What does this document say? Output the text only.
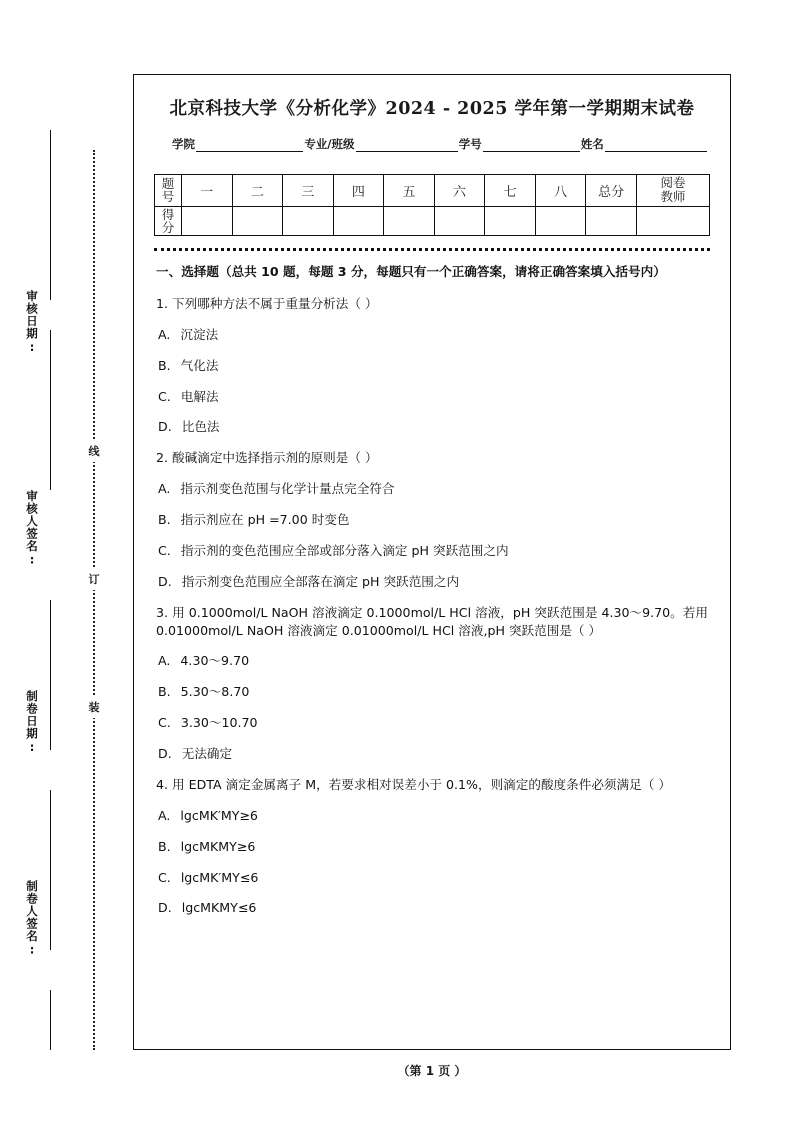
审核日期:
审核人签名:
制卷日期:
制卷人签名:
线
订
装
北京科技大学《分析化学》2024 - 2025 学年第一学期期末试卷
学院	专业/班级	学号	姓名
题
号	一	二	三	四	五	六	七	八	总分	阅卷
教师

得
分										

一、选择题（总共 10 题，每题 3 分，每题只有一个正确答案，请将正确答案填入括号内）
1. 下列哪种方法不属于重量分析法（ ）
A. 沉淀法
B. 气化法
C. 电解法
D. 比色法
2. 酸碱滴定中选择指示剂的原则是（ ）
A. 指示剂变色范围与化学计量点完全符合
B. 指示剂应在 pH =7.00 时变色
C. 指示剂的变色范围应全部或部分落入滴定 pH 突跃范围之内
D. 指示剂变色范围应全部落在滴定 pH 突跃范围之内
3. 用 0.1000mol/L NaOH 溶液滴定 0.1000mol/L HCl 溶液，pH 突跃范围是 4.30～9.70。若用 0.01000mol/L NaOH 溶液滴定 0.01000mol/L HCl 溶液,pH 突跃范围是（ ）
A. 4.30～9.70
B. 5.30～8.70
C. 3.30～10.70
D. 无法确定
4. 用 EDTA 滴定金属离子 M，若要求相对误差小于 0.1%，则滴定的酸度条件必须满足（ ）
A. lgcMK′MY≥6
B. lgcMKMY≥6
C. lgcMK′MY≤6
D. lgcMKMY≤6
（第 1 页 ）
